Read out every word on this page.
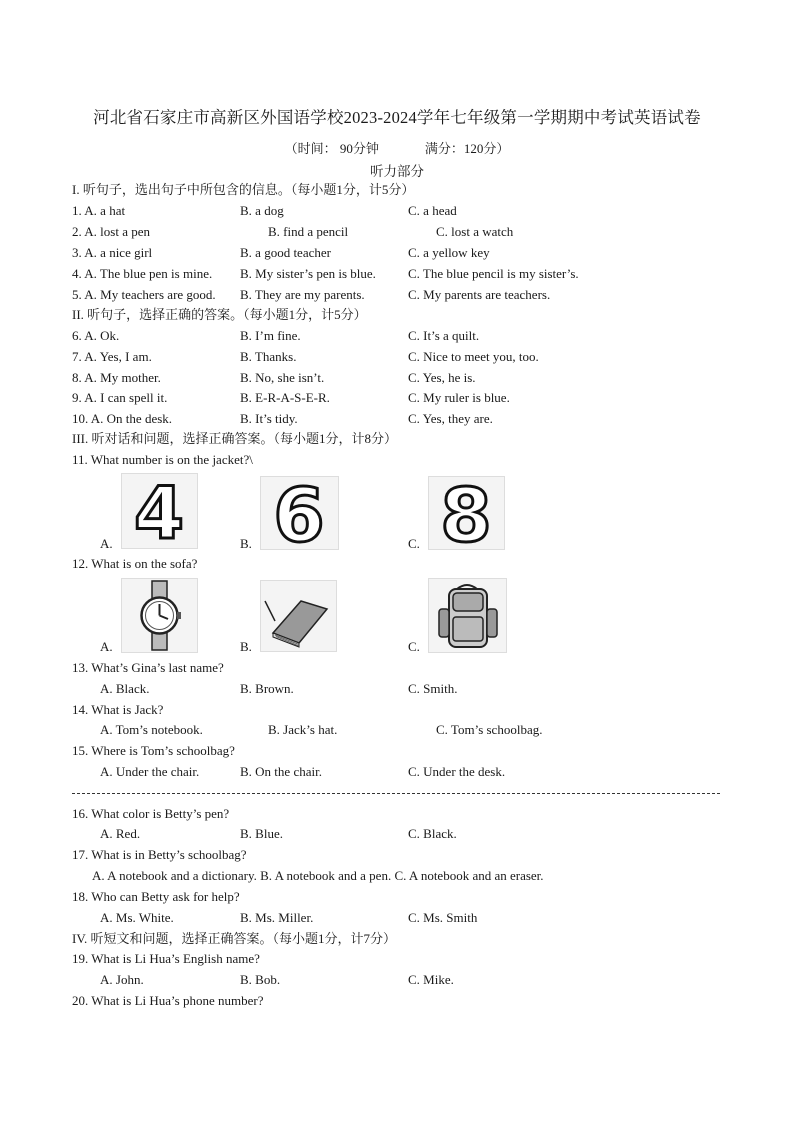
河北省石家庄市高新区外国语学校2023-2024学年七年级第一学期期中考试英语试卷
（时间： 90分钟	满分：120分）
听力部分
I. 听句子，选出句子中所包含的信息。（每小题1分，计5分）
1. A. a hat	B. a dog	C. a head
2. A. lost a pen	B. find a pencil	C. lost a watch
3. A. a nice girl	B. a good teacher	C. a yellow key
4. A. The blue pen is mine. B. My sister’s pen is blue. C. The blue pencil is my sister’s.
5. A. My teachers are good. B. They are my parents.	C. My parents are teachers.
II. 听句子，选择正确的答案。（每小题1分，计5分）
6. A. Ok.	B. I’m fine.	C. It’s a quilt.
7. A. Yes, I am.	B. Thanks.	C. Nice to meet you, too.
8. A. My mother.	B. No, she isn’t.	C. Yes, he is.
9. A. I can spell it.	B. E-R-A-S-E-R.	C. My ruler is blue.
10. A. On the desk.	B. It’s tidy.	C. Yes, they are.
III. 听对话和问题，选择正确答案。（每小题1分，计8分）
11. What number is on the jacket?\
A. 4	B. 6	C. 8
12. What is on the sofa?
A.	B.	C.
13. What’s Gina’s last name?
A. Black.	B. Brown.	C. Smith.
14. What is Jack?
A. Tom’s notebook.	B. Jack’s hat.	C. Tom’s schoolbag.
15. Where is Tom’s schoolbag?
A. Under the chair.	B. On the chair.	C. Under the desk.
16. What color is Betty’s pen?
A. Red.	B. Blue.	C. Black.
17. What is in Betty’s schoolbag?
A. A notebook and a dictionary. B. A notebook and a pen. C. A notebook and an eraser.
18. Who can Betty ask for help?
A. Ms. White.	B. Ms. Miller.	C. Ms. Smith
IV. 听短文和问题，选择正确答案。（每小题1分，计7分）
19. What is Li Hua’s English name?
A. John.	B. Bob.	C. Mike.
20. What is Li Hua’s phone number?
